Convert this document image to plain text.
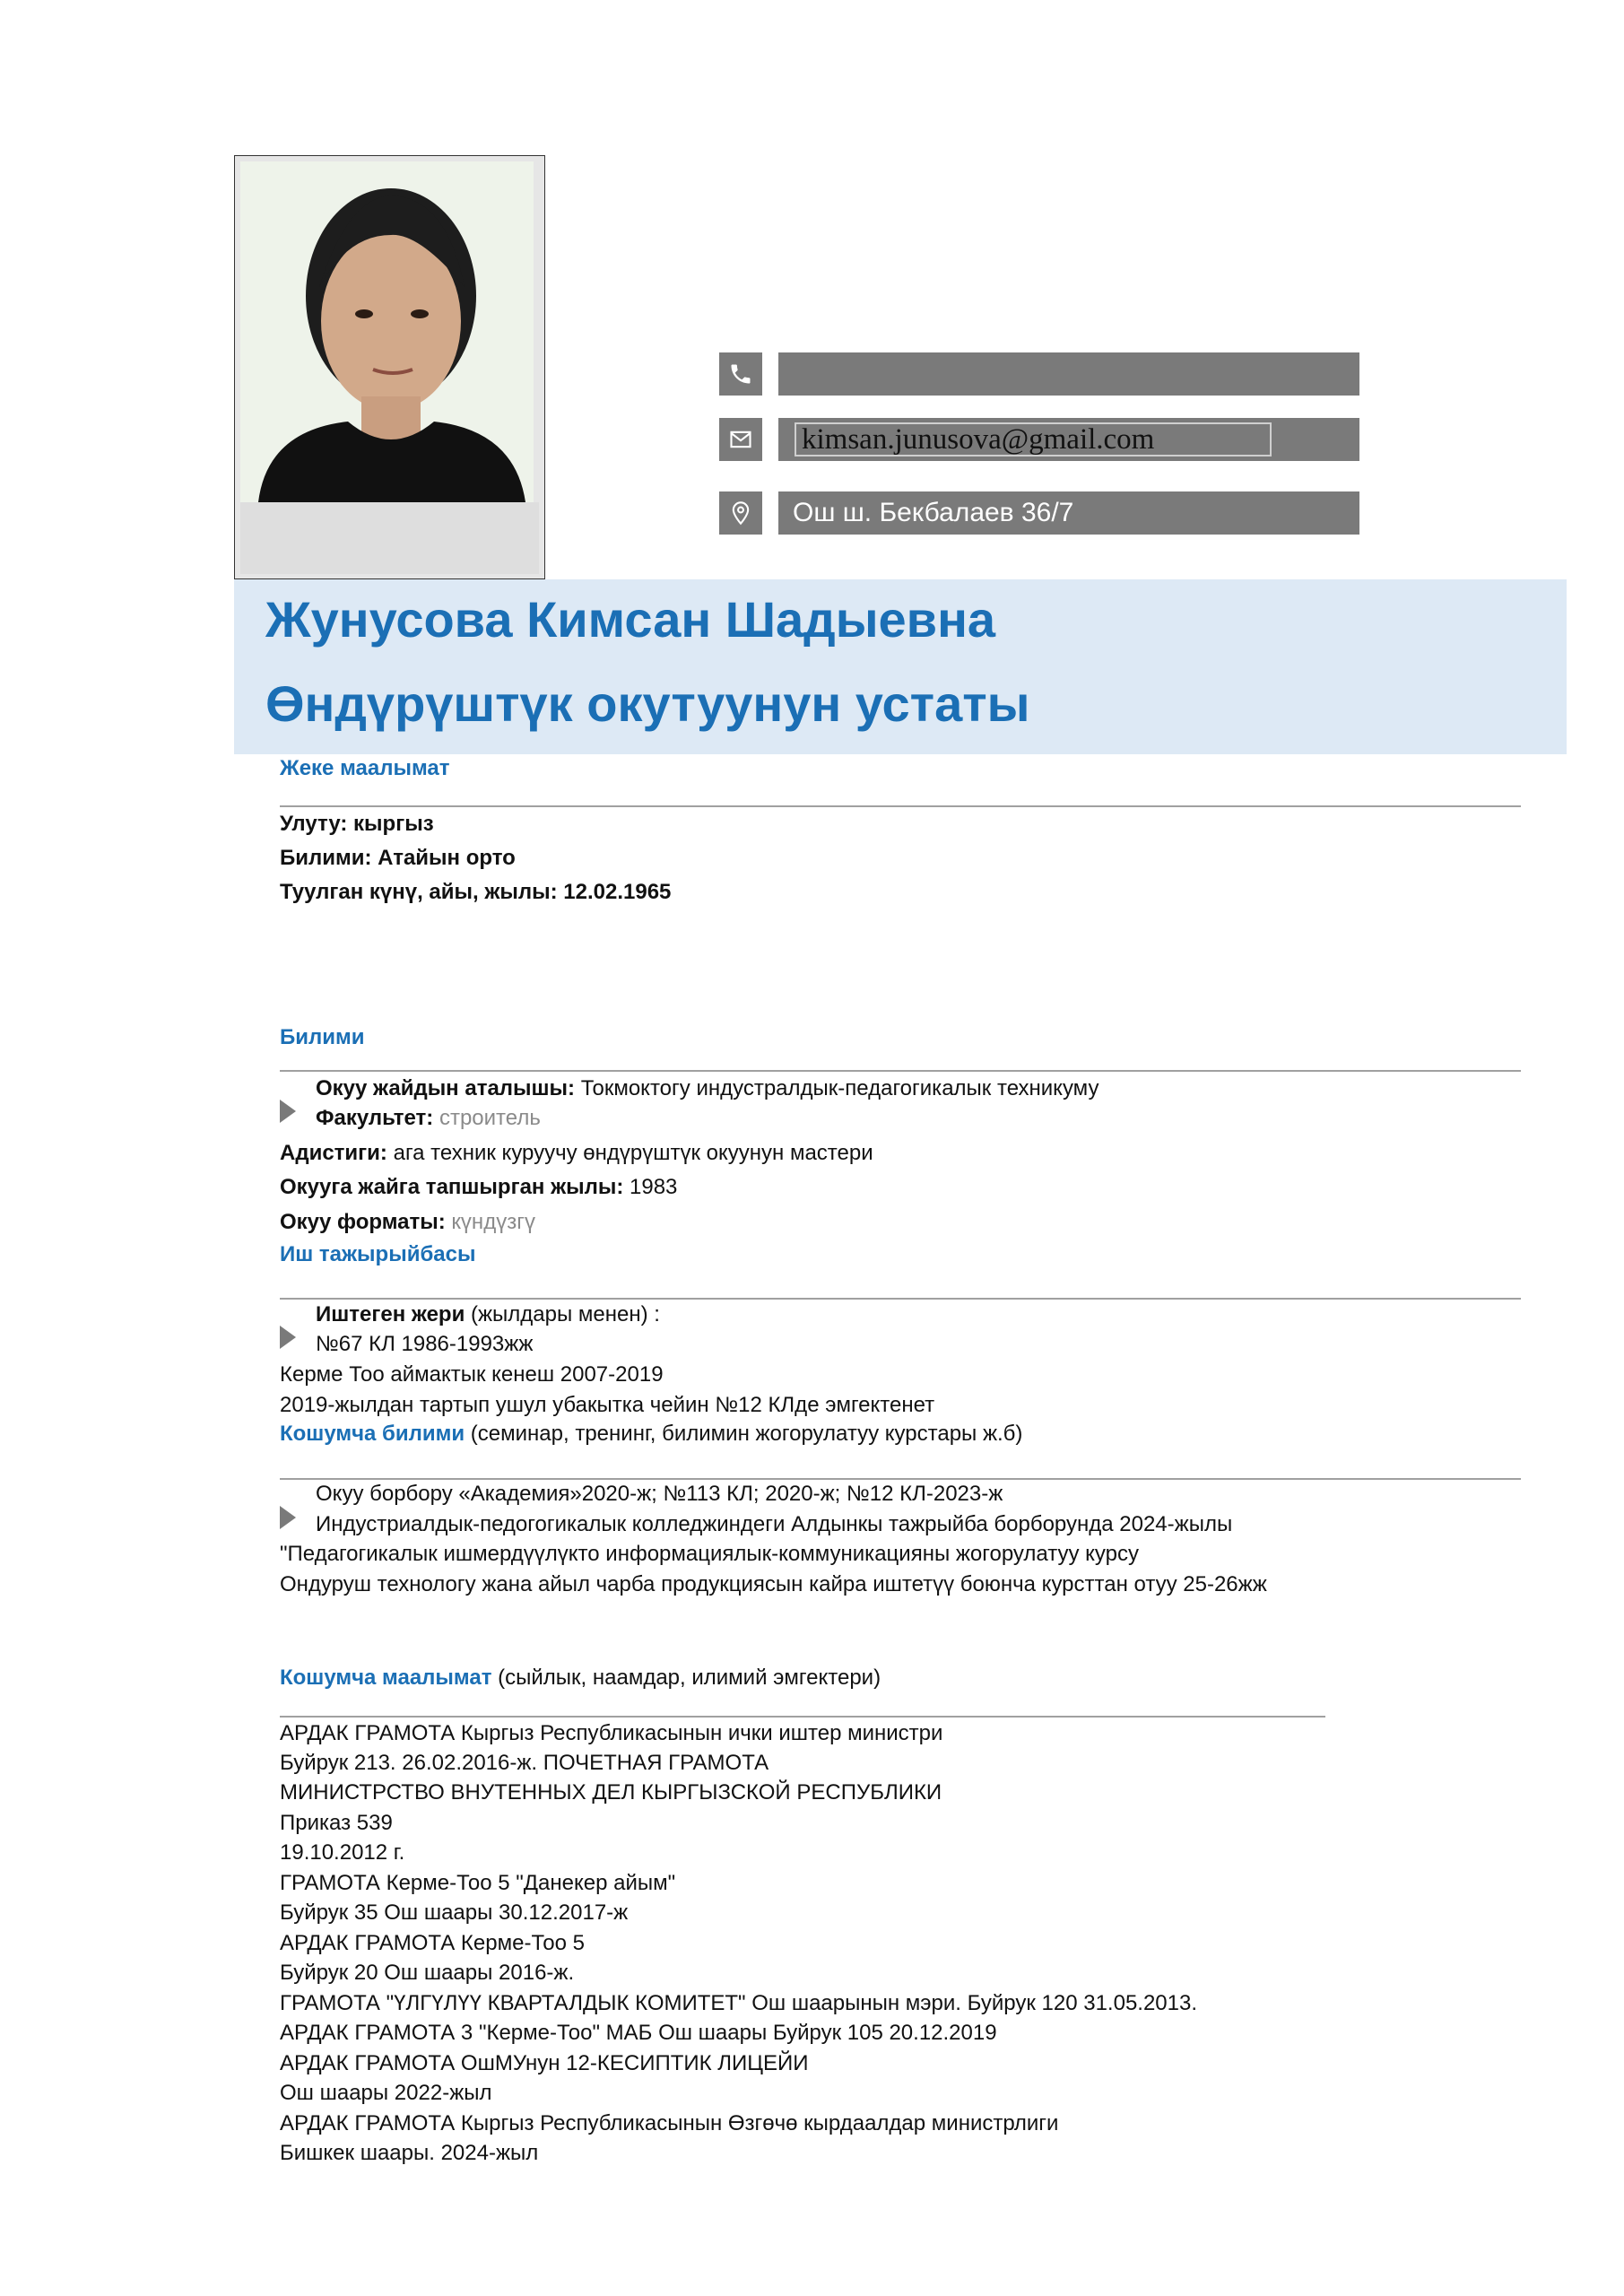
kimsan.junusova@gmail.com
Ош ш. Бекбалаев 36/7
Жунусова Кимсан Шадыевна
Өндүрүштүк окутуунун устаты
Жеке маалымат
Улуту: кыргыз
Билими: Атайын орто
Туулган күнү, айы, жылы: 12.02.1965
Билими
Окуу жайдын аталышы: Токмоктогу индустралдык-педагогикалык техникуму
Факультет: строитель
Адистиги: ага техник куруучу өндүрүштүк окуунун мастери
Окууга жайга тапшырган жылы: 1983
Окуу форматы: күндүзгү
Иш тажырыйбасы
Иштеген жери (жылдары менен) :
№67 КЛ 1986-1993жж
Керме Тоо аймактык кенеш 2007-2019
2019-жылдан тартып ушул убакытка чейин №12 КЛде эмгектенет
Кошумча билими (семинар, тренинг, билимин жогорулатуу курстары ж.б)
Окуу борбору «Академия»2020-ж; №113 КЛ; 2020-ж; №12 КЛ-2023-ж
Индустриалдык-педогогикалык колледжиндеги Алдынкы тажрыйба борборунда 2024-жылы
"Педагогикалык ишмердүүлүкто информациялык-коммуникацияны жогорулатуу курсу
Ондуруш технологу жана айыл чарба продукциясын кайра иштетүү боюнча курсттан отуу 25-26жж
Кошумча маалымат (сыйлык, наамдар, илимий эмгектери)
АРДАК ГРАМОТА Кыргыз Республикасынын ички иштер министри
Буйрук 213. 26.02.2016-ж. ПОЧЕТНАЯ ГРАМОТА
МИНИСТРСТВО ВНУТЕННЫХ ДЕЛ КЫРГЫЗСКОЙ РЕСПУБЛИКИ
Приказ 539
19.10.2012 г.
ГРАМОТА Керме-Тоо 5 "Данекер айым"
Буйрук 35 Ош шаары 30.12.2017-ж
АРДАК ГРАМОТА Керме-Тоо 5
Буйрук 20 Ош шаары 2016-ж.
ГРАМОТА "ҮЛГҮЛҮҮ КВАРТАЛДЫК КОМИТЕТ" Ош шаарынын мэри. Буйрук 120 31.05.2013.
АРДАК ГРАМОТА 3 "Керме-Тоо" МАБ Ош шаары Буйрук 105 20.12.2019
АРДАК ГРАМОТА ОшМУнун 12-КЕСИПТИК ЛИЦЕЙИ
Ош шаары 2022-жыл
АРДАК ГРАМОТА Кыргыз Республикасынын Өзгөчө кырдаалдар министрлиги
Бишкек шаары. 2024-жыл
